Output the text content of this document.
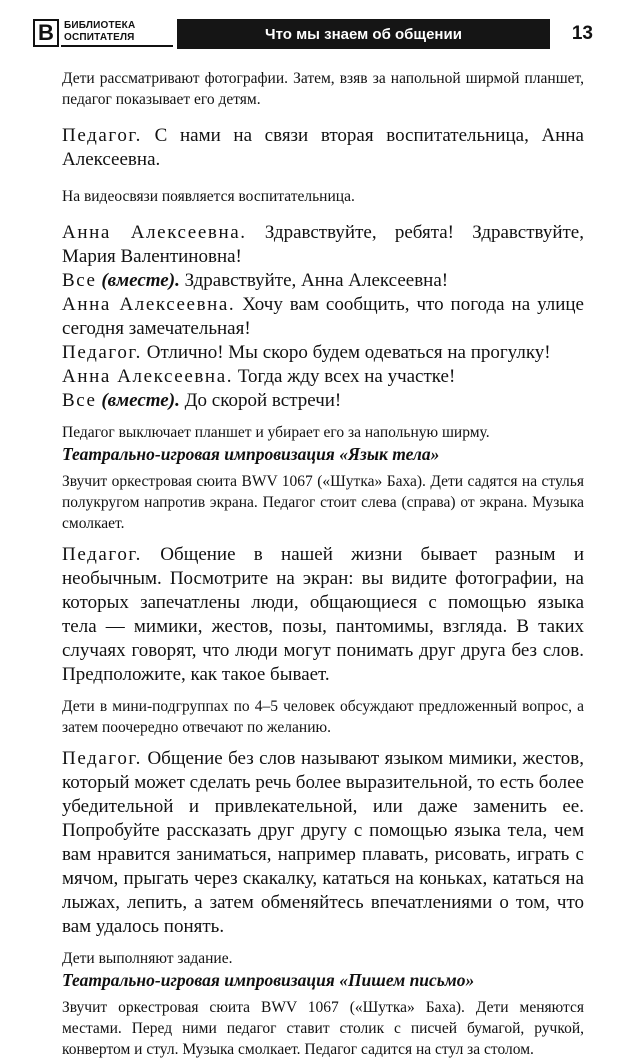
В	БИБЛИОТЕКА
ОСПИТАТЕЛЯ	Что мы знаем об общении	13

Дети рассматривают фотографии. Затем, взяв за напольной ширмой планшет, педагог показывает его детям.

Педагог. С нами на связи вторая воспитательница, Анна Алексеевна.

На видеосвязи появляется воспитательница.

Анна Алексеевна. Здравствуйте, ребята! Здравствуйте, Мария Валентиновна!

Все (вместе). Здравствуйте, Анна Алексеевна!

Анна Алексеевна. Хочу вам сообщить, что погода на улице сегодня замечательная!

Педагог. Отлично! Мы скоро будем одеваться на прогулку!

Анна Алексеевна. Тогда жду всех на участке!

Все (вместе). До скорой встречи!

Педагог выключает планшет и убирает его за напольную ширму.

Театрально-игровая импровизация «Язык тела»

Звучит оркестровая сюита BWV 1067 («Шутка» Баха). Дети садятся на стулья полукругом напротив экрана. Педагог стоит слева (справа) от экрана. Музыка смолкает.

Педагог. Общение в нашей жизни бывает разным и необычным. Посмотрите на экран: вы видите фотографии, на которых запечатлены люди, общающиеся с помощью языка тела — мимики, жестов, позы, пантомимы, взгляда. В таких случаях говорят, что люди могут понимать друг друга без слов. Предположите, как такое бывает.

Дети в мини-подгруппах по 4–5 человек обсуждают предложенный вопрос, а затем поочередно отвечают по желанию.

Педагог. Общение без слов называют языком мимики, жестов, который может сделать речь более выразительной, то есть более убедительной и привлекательной, или даже заменить ее. Попробуйте рассказать друг другу с помощью языка тела, чем вам нравится заниматься, например плавать, рисовать, играть с мячом, прыгать через скакалку, кататься на коньках, кататься на лыжах, лепить, а затем обменяйтесь впечатлениями о том, что вам удалось понять.

Дети выполняют задание.

Театрально-игровая импровизация «Пишем письмо»

Звучит оркестровая сюита BWV 1067 («Шутка» Баха). Дети меняются местами. Перед ними педагог ставит столик с писчей бумагой, ручкой, конвертом и стул. Музыка смолкает. Педагог садится на стул за столом.
